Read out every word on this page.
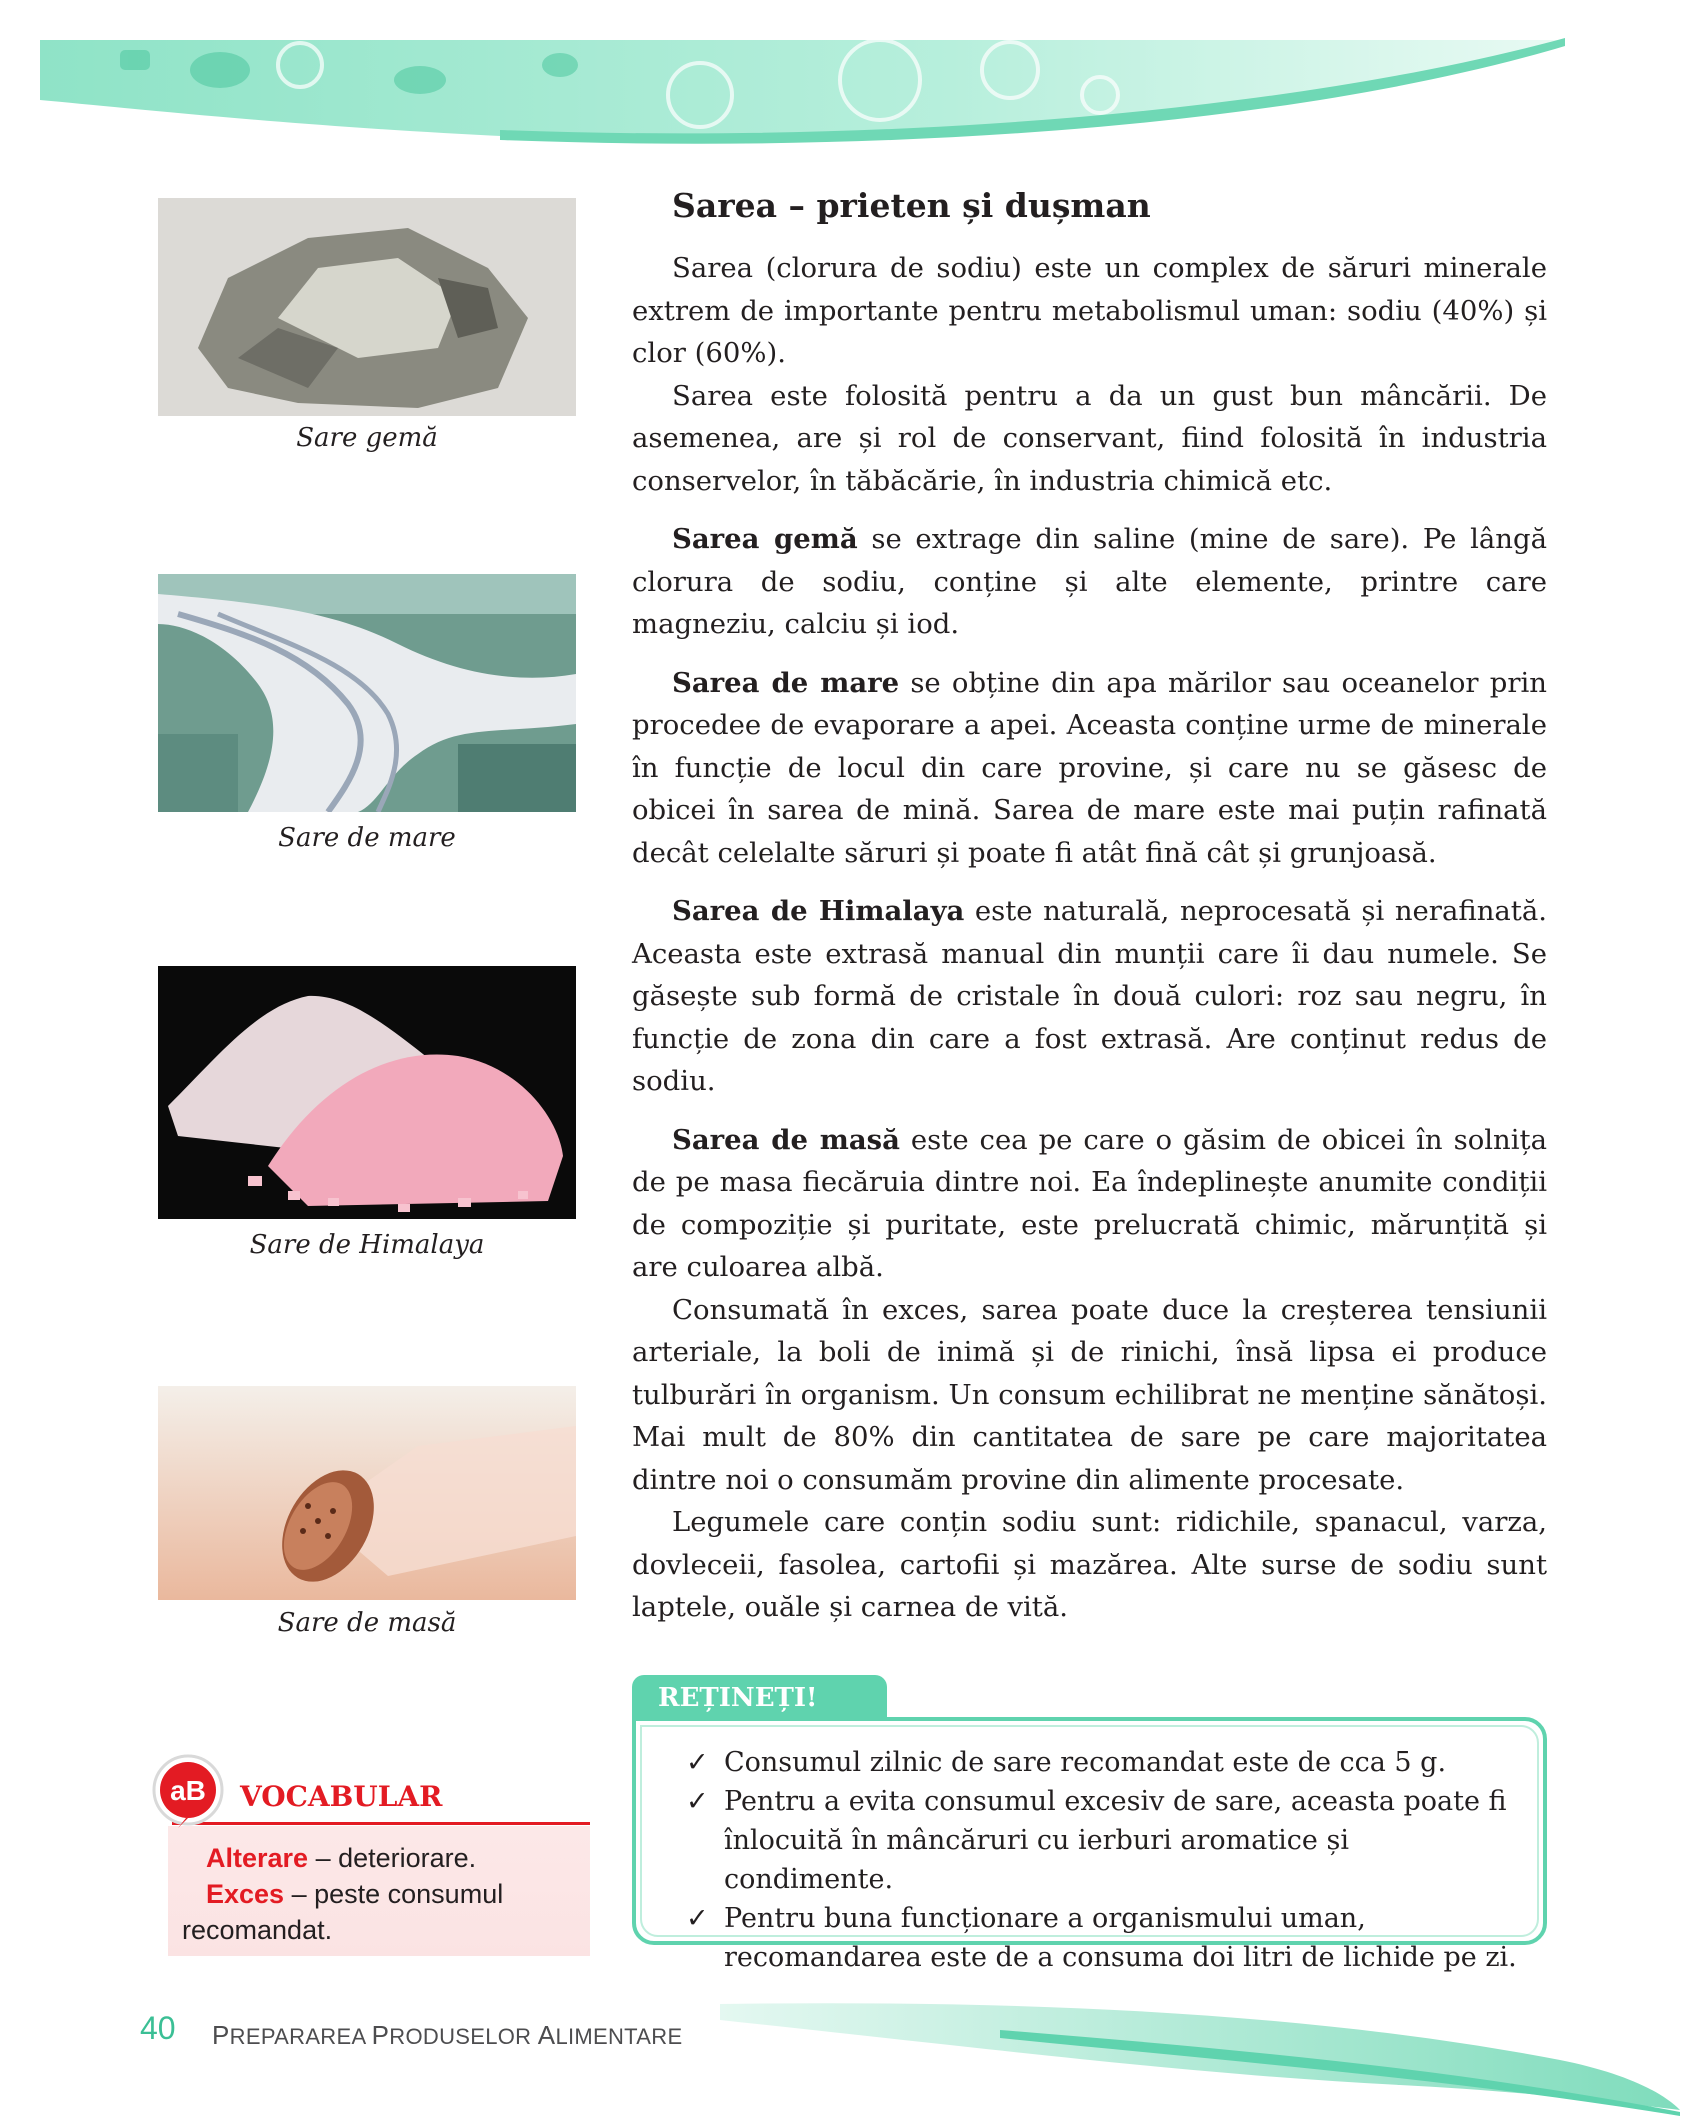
Sare gemă
Sare de mare
Sare de Himalaya
Sare de masă
Sarea – prieten și dușman

Sarea (clorura de sodiu) este un complex de săruri minerale extrem de importante pentru metabolismul uman: sodiu (40%) și clor (60%).

Sarea este folosită pentru a da un gust bun mâncării. De asemenea, are și rol de conservant, fiind folosită în industria conservelor, în tăbăcărie, în industria chimică etc.

Sarea gemă se extrage din saline (mine de sare). Pe lângă clorura de sodiu, conține și alte elemente, printre care magneziu, calciu și iod.

Sarea de mare se obține din apa mărilor sau oceanelor prin procedee de evaporare a apei. Aceasta conține urme de minerale în funcție de locul din care provine, și care nu se găsesc de obicei în sarea de mină. Sarea de mare este mai puțin rafinată decât celelalte săruri și poate fi atât fină cât și grunjoasă.

Sarea de Himalaya este naturală, neprocesată și nerafinată. Aceasta este extrasă manual din munții care îi dau numele. Se găsește sub formă de cristale în două culori: roz sau negru, în funcție de zona din care a fost extrasă. Are conținut redus de sodiu.

Sarea de masă este cea pe care o găsim de obicei în solnița de pe masa fiecăruia dintre noi. Ea îndeplinește anumite condiții de compoziție și puritate, este prelucrată chimic, mărunțită și are culoarea albă.

Consumată în exces, sarea poate duce la creșterea tensiunii arteriale, la boli de inimă și de rinichi, însă lipsa ei produce tulburări în organism. Un consum echilibrat ne menține sănătoși. Mai mult de 80% din cantitatea de sare pe care majoritatea dintre noi o consumăm provine din alimente procesate.

Legumele care conțin sodiu sunt: ridichile, spanacul, varza, dovleceii, fasolea, cartofii și mazărea. Alte surse de sodiu sunt laptele, ouăle și carnea de vită.

✓ Consumul zilnic de sare recomandat este de cca 5 g.
✓ Pentru a evita consumul excesiv de sare, aceasta poate fi înlocuită în mâncăruri cu ierburi aromatice și condimente.
✓ Pentru buna funcționare a organismului uman, recomandarea este de a consuma doi litri de lichide pe zi.
REȚINEȚI!
Alterare – deteriorare.
Exces – peste consumul recomandat.
aB VOCABULAR
40 PREPARAREA PRODUSELOR ALIMENTARE
